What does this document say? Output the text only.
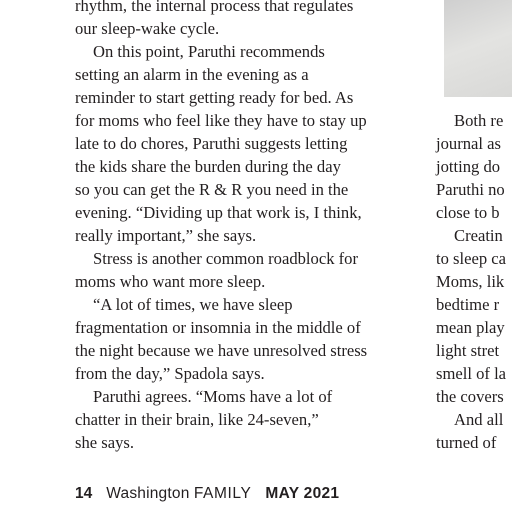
rhythm, the internal process that regulates
our sleep-wake cycle.
On this point, Paruthi recommends
setting an alarm in the evening as a
reminder to start getting ready for bed. As
for moms who feel like they have to stay up
late to do chores, Paruthi suggests letting
the kids share the burden during the day
so you can get the R & R you need in the
evening. “Dividing up that work is, I think,
really important,” she says.
Stress is another common roadblock for
moms who want more sleep.
“A lot of times, we have sleep
fragmentation or insomnia in the middle of
the night because we have unresolved stress
from the day,” Spadola says.
Paruthi agrees. “Moms have a lot of
chatter in their brain, like 24-seven,”
she says.
Both re
journal as
jotting do
Paruthi no
close to b
Creatin
to sleep ca
Moms, lik
bedtime r
mean play
light stret
smell of la
the covers
And all
turned of
14 Washington FAMILY MAY 2021
